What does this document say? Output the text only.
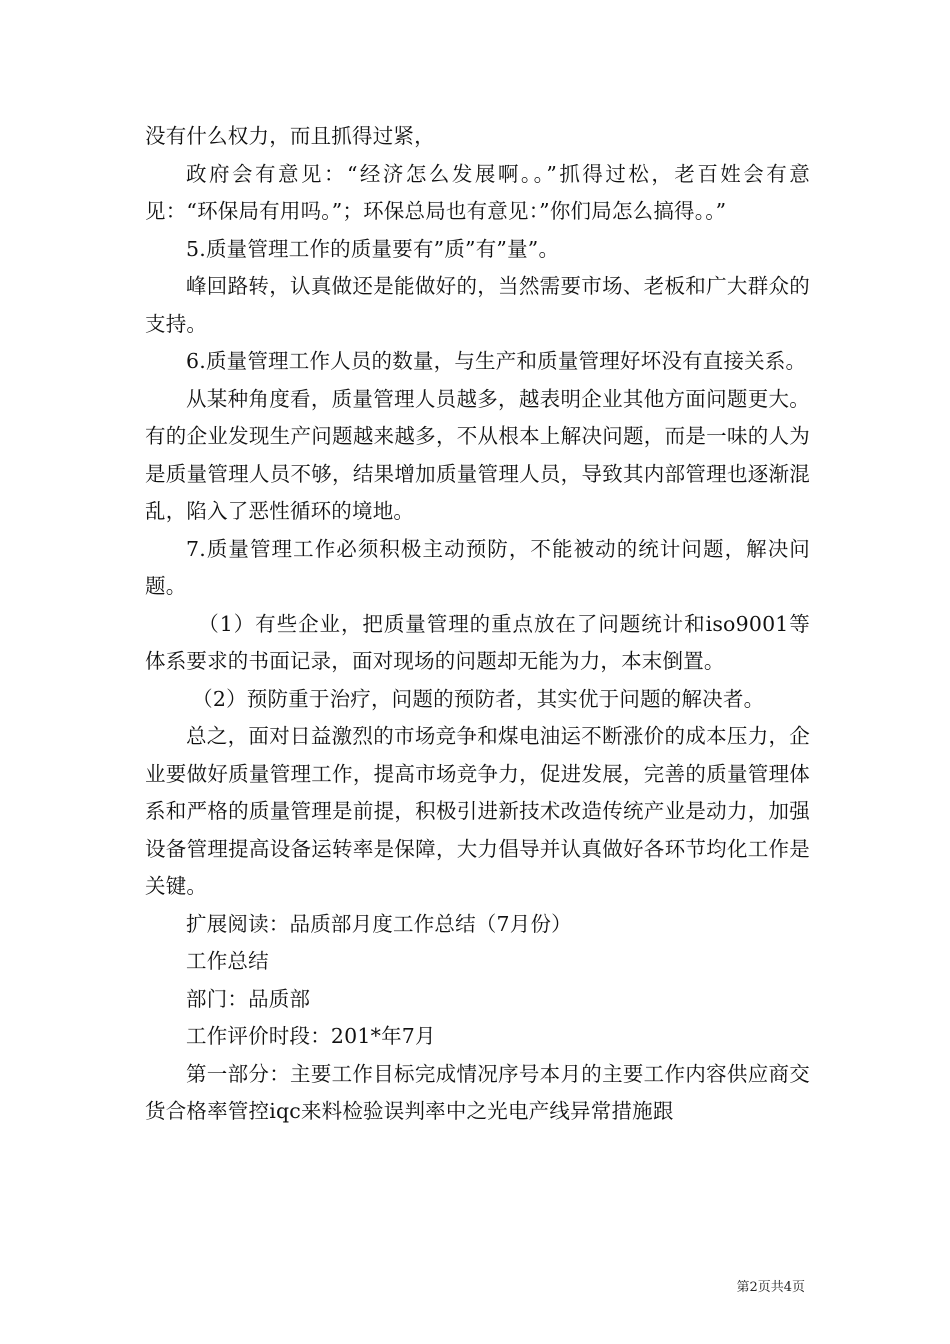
没有什么权力，而且抓得过紧，

政府会有意见：“经济怎么发展啊。。”抓得过松，老百姓会有意见：“环保局有用吗。”；环保总局也有意见：”你们局怎么搞得。。”

5.质量管理工作的质量要有”质”有”量”。

峰回路转，认真做还是能做好的，当然需要市场、老板和广大群众的支持。

6.质量管理工作人员的数量，与生产和质量管理好坏没有直接关系。

从某种角度看，质量管理人员越多，越表明企业其他方面问题更大。有的企业发现生产问题越来越多，不从根本上解决问题，而是一味的人为是质量管理人员不够，结果增加质量管理人员，导致其内部管理也逐渐混乱，陷入了恶性循环的境地。

7.质量管理工作必须积极主动预防，不能被动的统计问题，解决问题。

（1）有些企业，把质量管理的重点放在了问题统计和iso9001等体系要求的书面记录，面对现场的问题却无能为力，本末倒置。

（2）预防重于治疗，问题的预防者，其实优于问题的解决者。

总之，面对日益激烈的市场竞争和煤电油运不断涨价的成本压力，企业要做好质量管理工作，提高市场竞争力，促进发展，完善的质量管理体系和严格的质量管理是前提，积极引进新技术改造传统产业是动力，加强设备管理提高设备运转率是保障，大力倡导并认真做好各环节均化工作是关键。

扩展阅读：品质部月度工作总结（7月份）

工作总结

部门：品质部

工作评价时段：201*年7月

第一部分：主要工作目标完成情况序号本月的主要工作内容供应商交货合格率管控iqc来料检验误判率中之光电产线异常措施跟

第2页共4页
